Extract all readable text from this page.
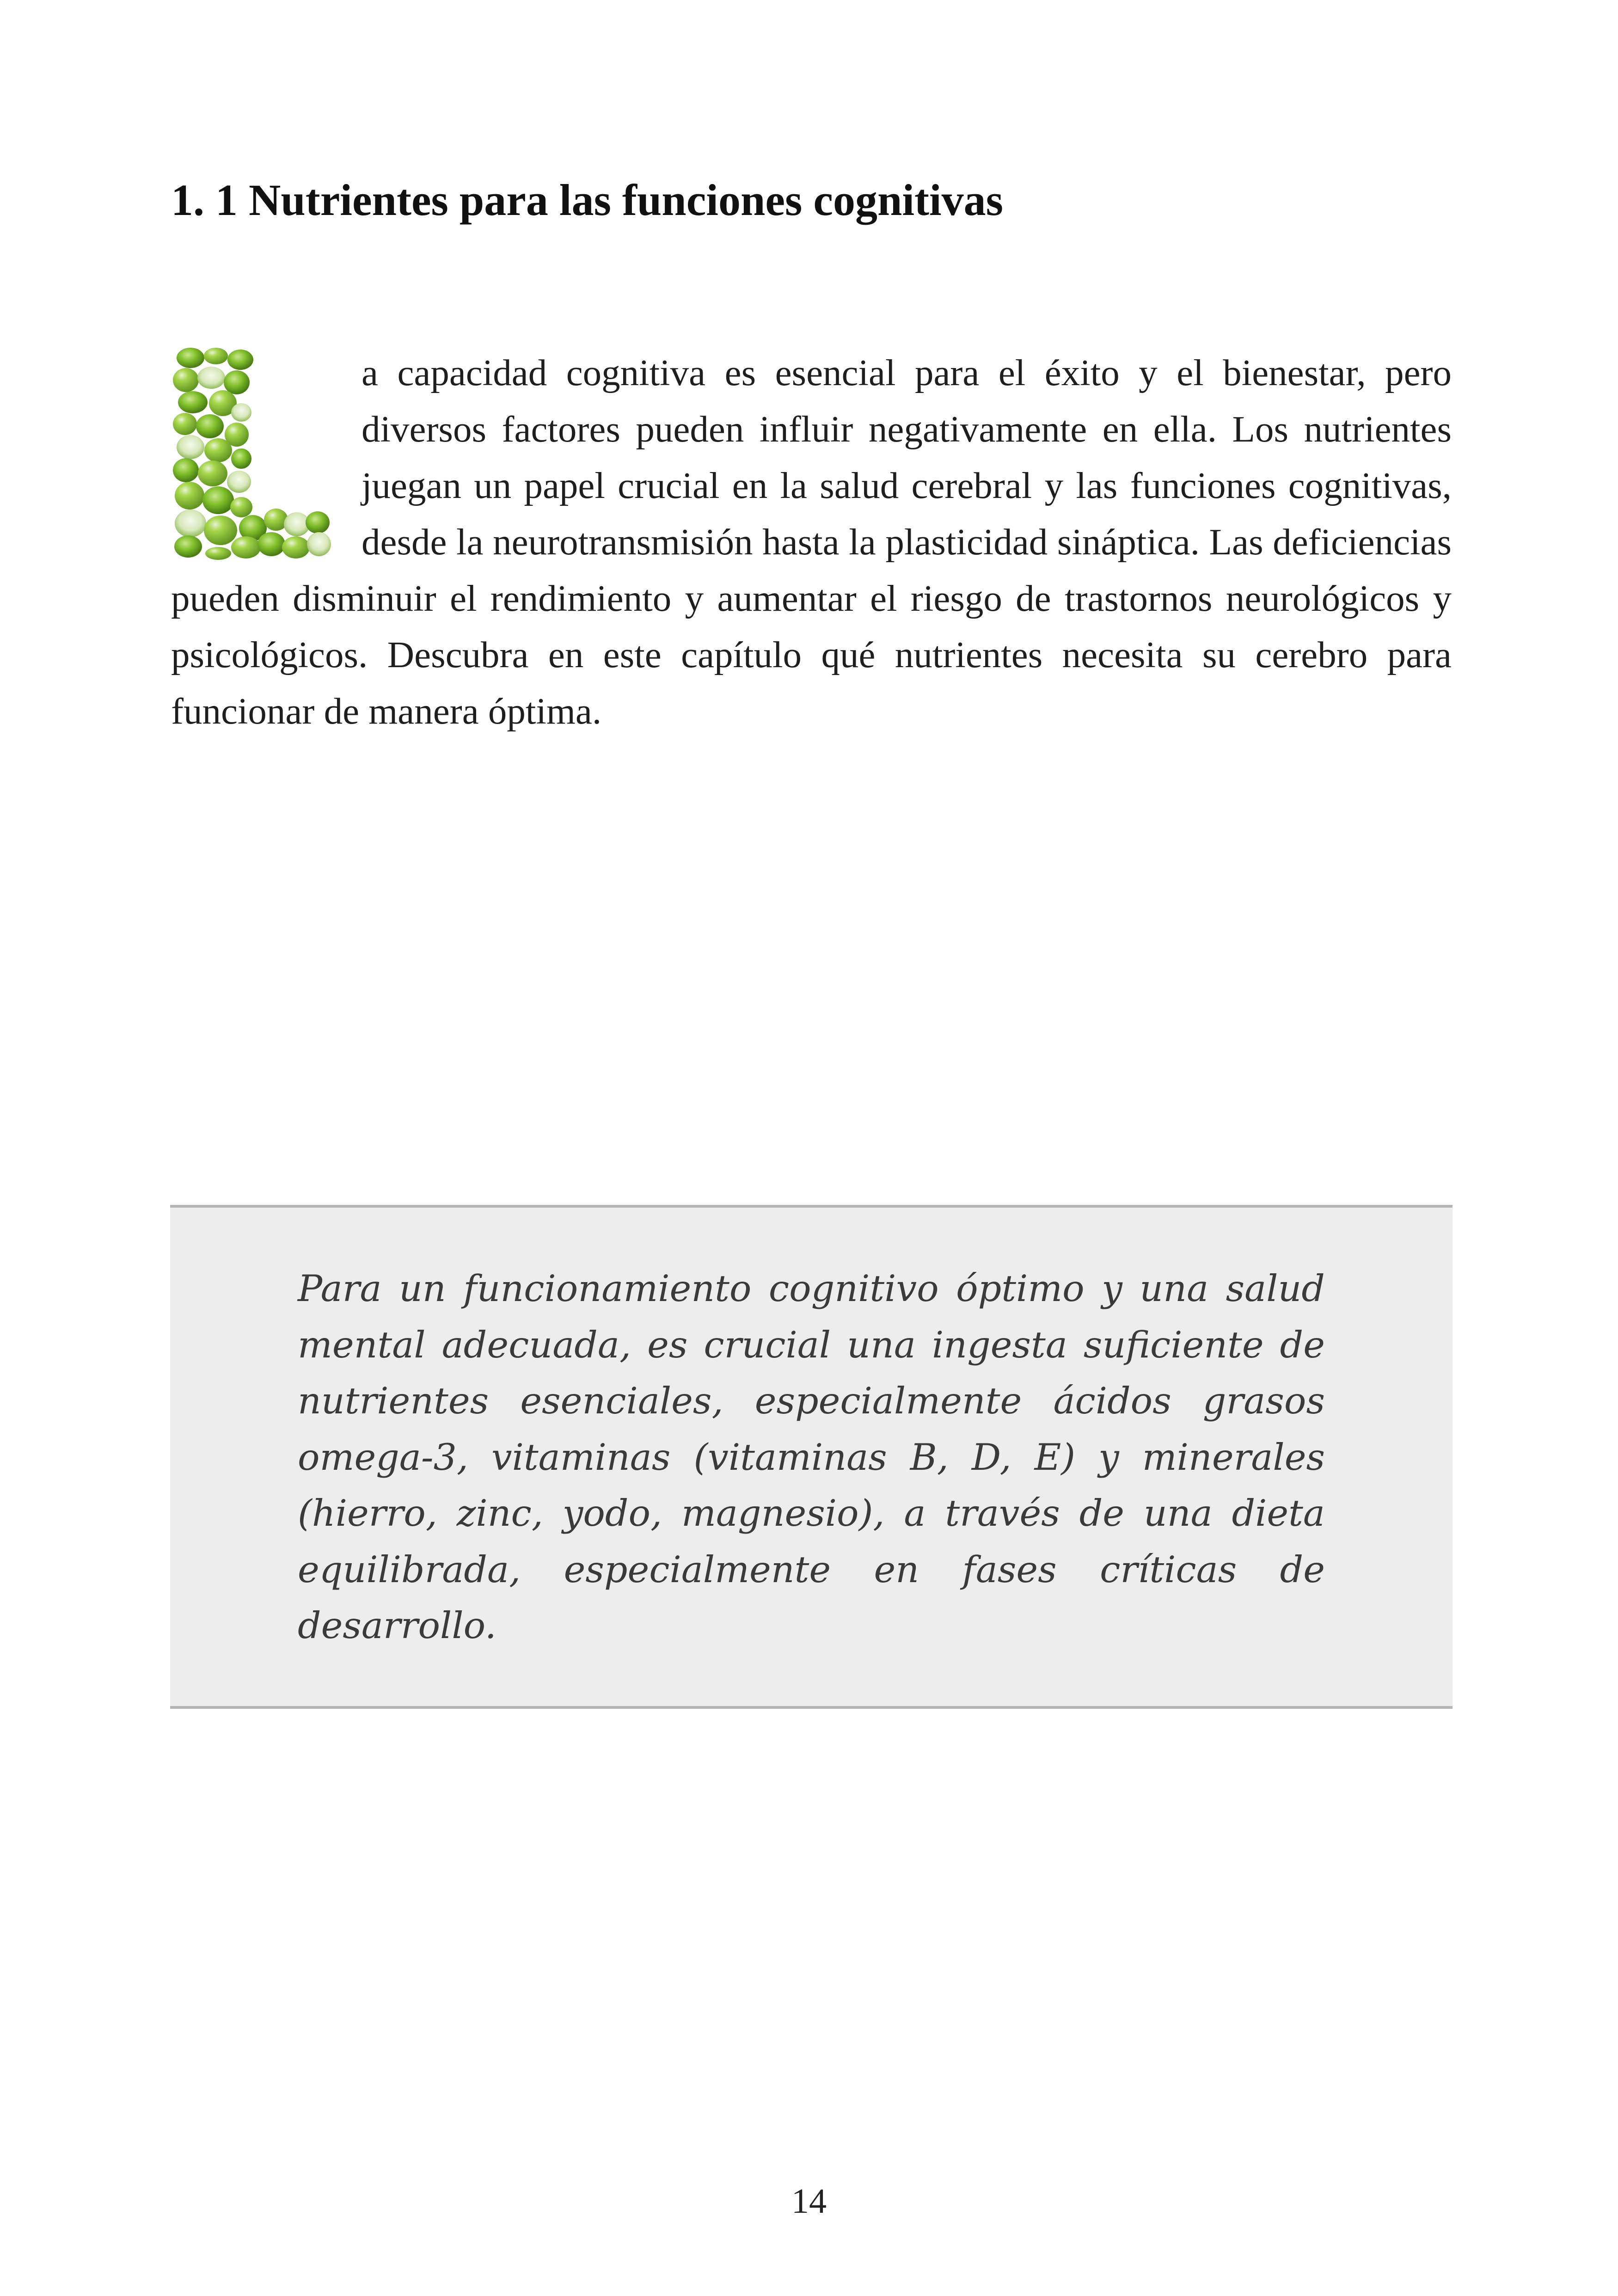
1. 1 Nutrientes para las funciones cognitivas

a capacidad cognitiva es esencial para el éxito y el bienestar, pero diversos factores pueden influir negativamente en ella. Los nutrientes juegan un papel crucial en la salud cerebral y las funciones cognitivas, desde la neurotransmisión hasta la plasticidad sináptica. Las deficiencias pueden disminuir el rendimiento y aumentar el riesgo de trastornos neurológicos y psicológicos. Descubra en este capítulo qué nutrientes necesita su cerebro para funcionar de manera óptima.

Para un funcionamiento cognitivo óptimo y una salud mental adecuada, es crucial una ingesta suficiente de nutrientes esenciales, especialmente ácidos grasos omega-3, vitaminas (vitaminas B, D, E) y minerales (hierro, zinc, yodo, magnesio), a través de una dieta equilibrada, especialmente en fases críticas de desarrollo.

14
